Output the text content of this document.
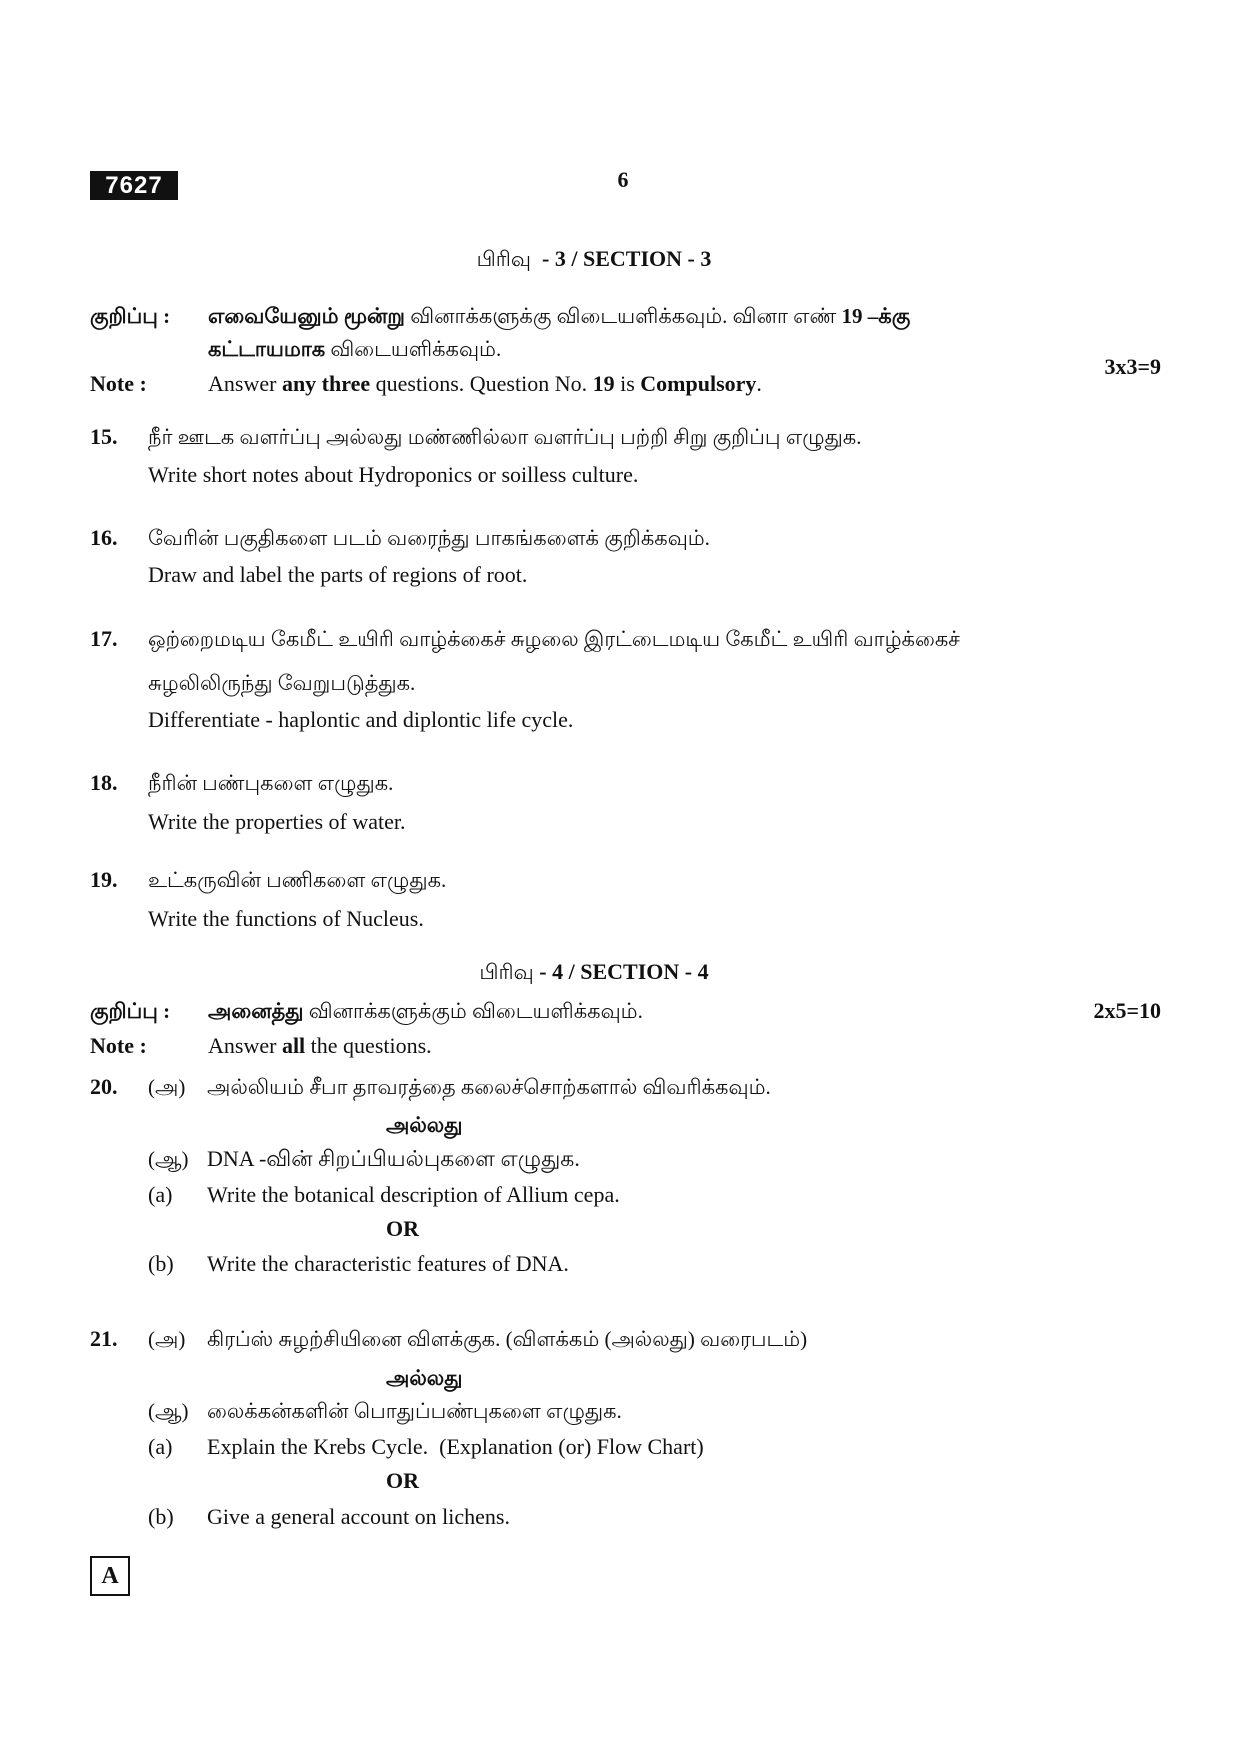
7627	6
பிரிவு  - 3 / SECTION - 3
குறிப்பு : எவையேனும் மூன்று வினாக்களுக்கு விடையளிக்கவும். வினா எண் 19 –க்கு
கட்டாயமாக விடையளிக்கவும்.
3x3=9
Note :	Answer any three questions. Question No. 19 is Compulsory.
15. நீர் ஊடக வளர்ப்பு அல்லது மண்ணில்லா வளர்ப்பு பற்றி சிறு குறிப்பு எழுதுக.
Write short notes about Hydroponics or soilless culture.
16. வேரின் பகுதிகளை படம் வரைந்து பாகங்களைக் குறிக்கவும்.
Draw and label the parts of regions of root.
17. ஒற்றைமடிய கேமீட் உயிரி வாழ்க்கைச் சுழலை இரட்டைமடிய கேமீட் உயிரி வாழ்க்கைச்
சுழலிலிருந்து வேறுபடுத்துக.
Differentiate - haplontic and diplontic life cycle.
18. நீரின் பண்புகளை எழுதுக.
Write the properties of water.
19. உட்கருவின் பணிகளை எழுதுக.
Write the functions of Nucleus.
பிரிவு - 4 / SECTION - 4
குறிப்பு : அனைத்து வினாக்களுக்கும் விடையளிக்கவும்.	2x5=10
Note :	Answer all the questions.
20. (அ) அல்லியம் சீபா தாவரத்தை கலைச்சொற்களால் விவரிக்கவும்.
அல்லது
(ஆ) DNA -வின் சிறப்பியல்புகளை எழுதுக.
(a) Write the botanical description of Allium cepa.
OR
(b) Write the characteristic features of DNA.
21. (அ) கிரப்ஸ் சுழற்சியினை விளக்குக. (விளக்கம் (அல்லது) வரைபடம்)
அல்லது
(ஆ) லைக்கன்களின் பொதுப்பண்புகளை எழுதுக.
(a) Explain the Krebs Cycle.  (Explanation (or) Flow Chart)
OR
(b) Give a general account on lichens.
A
